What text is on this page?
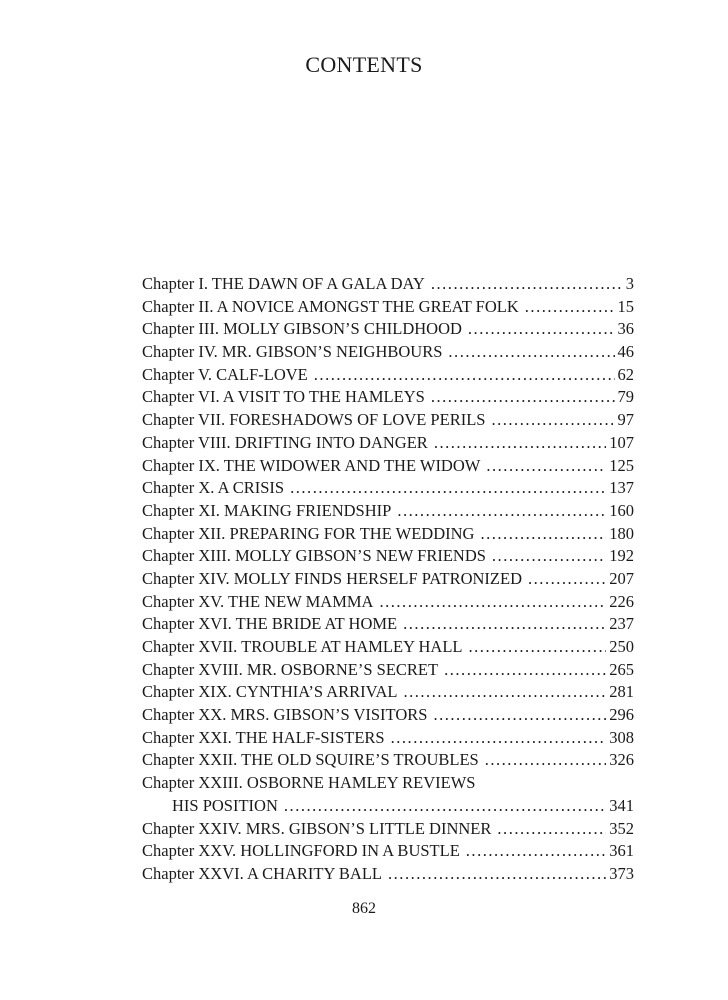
CONTENTS
Chapter I. THE DAWN OF A GALA DAY . . .	3
Chapter II. A NOVICE AMONGST THE GREAT FOLK . . .	15
Chapter III. MOLLY GIBSON’S CHILDHOOD . . .	36
Chapter IV. MR. GIBSON’S NEIGHBOURS . . .	46
Chapter V. CALF-LOVE . . .	62
Chapter VI. A VISIT TO THE HAMLEYS . . .	79
Chapter VII. FORESHADOWS OF LOVE PERILS . . .	97
Chapter VIII. DRIFTING INTO DANGER . . .	107
Chapter IX. THE WIDOWER AND THE WIDOW . . .	125
Chapter X. A CRISIS . . .	137
Chapter XI. MAKING FRIENDSHIP . . .	160
Chapter XII. PREPARING FOR THE WEDDING . . .	180
Chapter XIII. MOLLY GIBSON’S NEW FRIENDS . . .	192
Chapter XIV. MOLLY FINDS HERSELF PATRONIZED . . .	207
Chapter XV. THE NEW MAMMA . . .	226
Chapter XVI. THE BRIDE AT HOME . . .	237
Chapter XVII. TROUBLE AT HAMLEY HALL . . .	250
Chapter XVIII. MR. OSBORNE’S SECRET . . .	265
Chapter XIX. CYNTHIA’S ARRIVAL . . .	281
Chapter XX. MRS. GIBSON’S VISITORS . . .	296
Chapter XXI. THE HALF-SISTERS . . .	308
Chapter XXII. THE OLD SQUIRE’S TROUBLES . . .	326
Chapter XXIII. OSBORNE HAMLEY REVIEWS
HIS POSITION . . .	341
Chapter XXIV. MRS. GIBSON’S LITTLE DINNER . . .	352
Chapter XXV. HOLLINGFORD IN A BUSTLE . . .	361
Chapter XXVI. A CHARITY BALL . . .	373
862
